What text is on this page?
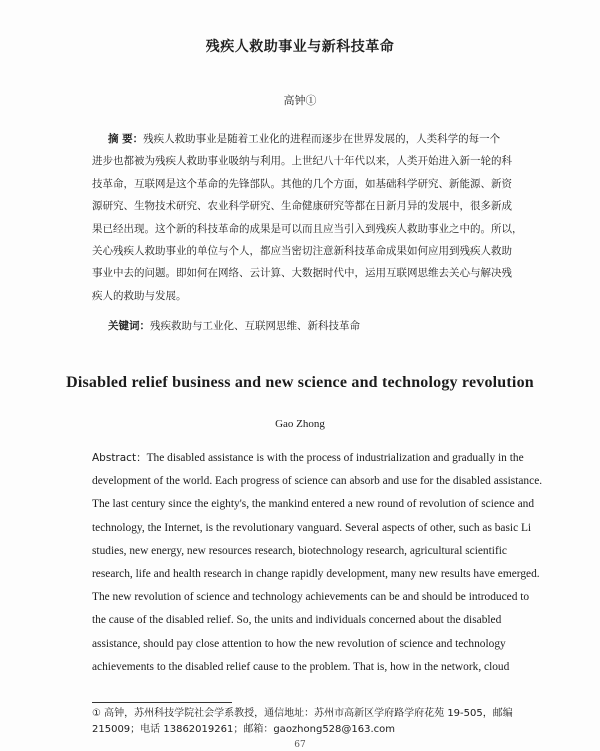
残疾人救助事业与新科技革命
高钟①
摘 要：残疾人救助事业是随着工业化的进程而逐步在世界发展的，人类科学的每一个
进步也都被为残疾人救助事业吸纳与利用。上世纪八十年代以来，人类开始进入新一轮的科
技革命，互联网是这个革命的先锋部队。其他的几个方面，如基础科学研究、新能源、新资
源研究、生物技术研究、农业科学研究、生命健康研究等都在日新月异的发展中，很多新成
果已经出现。这个新的科技革命的成果是可以而且应当引入到残疾人救助事业之中的。所以，
关心残疾人救助事业的单位与个人，都应当密切注意新科技革命成果如何应用到残疾人救助
事业中去的问题。即如何在网络、云计算、大数据时代中，运用互联网思维去关心与解决残
疾人的救助与发展。
关键词：残疾救助与工业化、互联网思维、新科技革命
Disabled relief business and new science and technology revolution
Gao Zhong
Abstract：The disabled assistance is with the process of industrialization and gradually in the
development of the world. Each progress of science can absorb and use for the disabled assistance.
The last century since the eighty's, the mankind entered a new round of revolution of science and
technology, the Internet, is the revolutionary vanguard. Several aspects of other, such as basic Li
studies, new energy, new resources research, biotechnology research, agricultural scientific
research, life and health research in change rapidly development, many new results have emerged.
The new revolution of science and technology achievements can be and should be introduced to
the cause of the disabled relief. So, the units and individuals concerned about the disabled
assistance, should pay close attention to how the new revolution of science and technology
achievements to the disabled relief cause to the problem. That is, how in the network, cloud
① 高钟，苏州科技学院社会学系教授，通信地址：苏州市高新区学府路学府花苑 19-505，邮编
215009；电话 13862019261；邮箱：gaozhong528@163.com
67
